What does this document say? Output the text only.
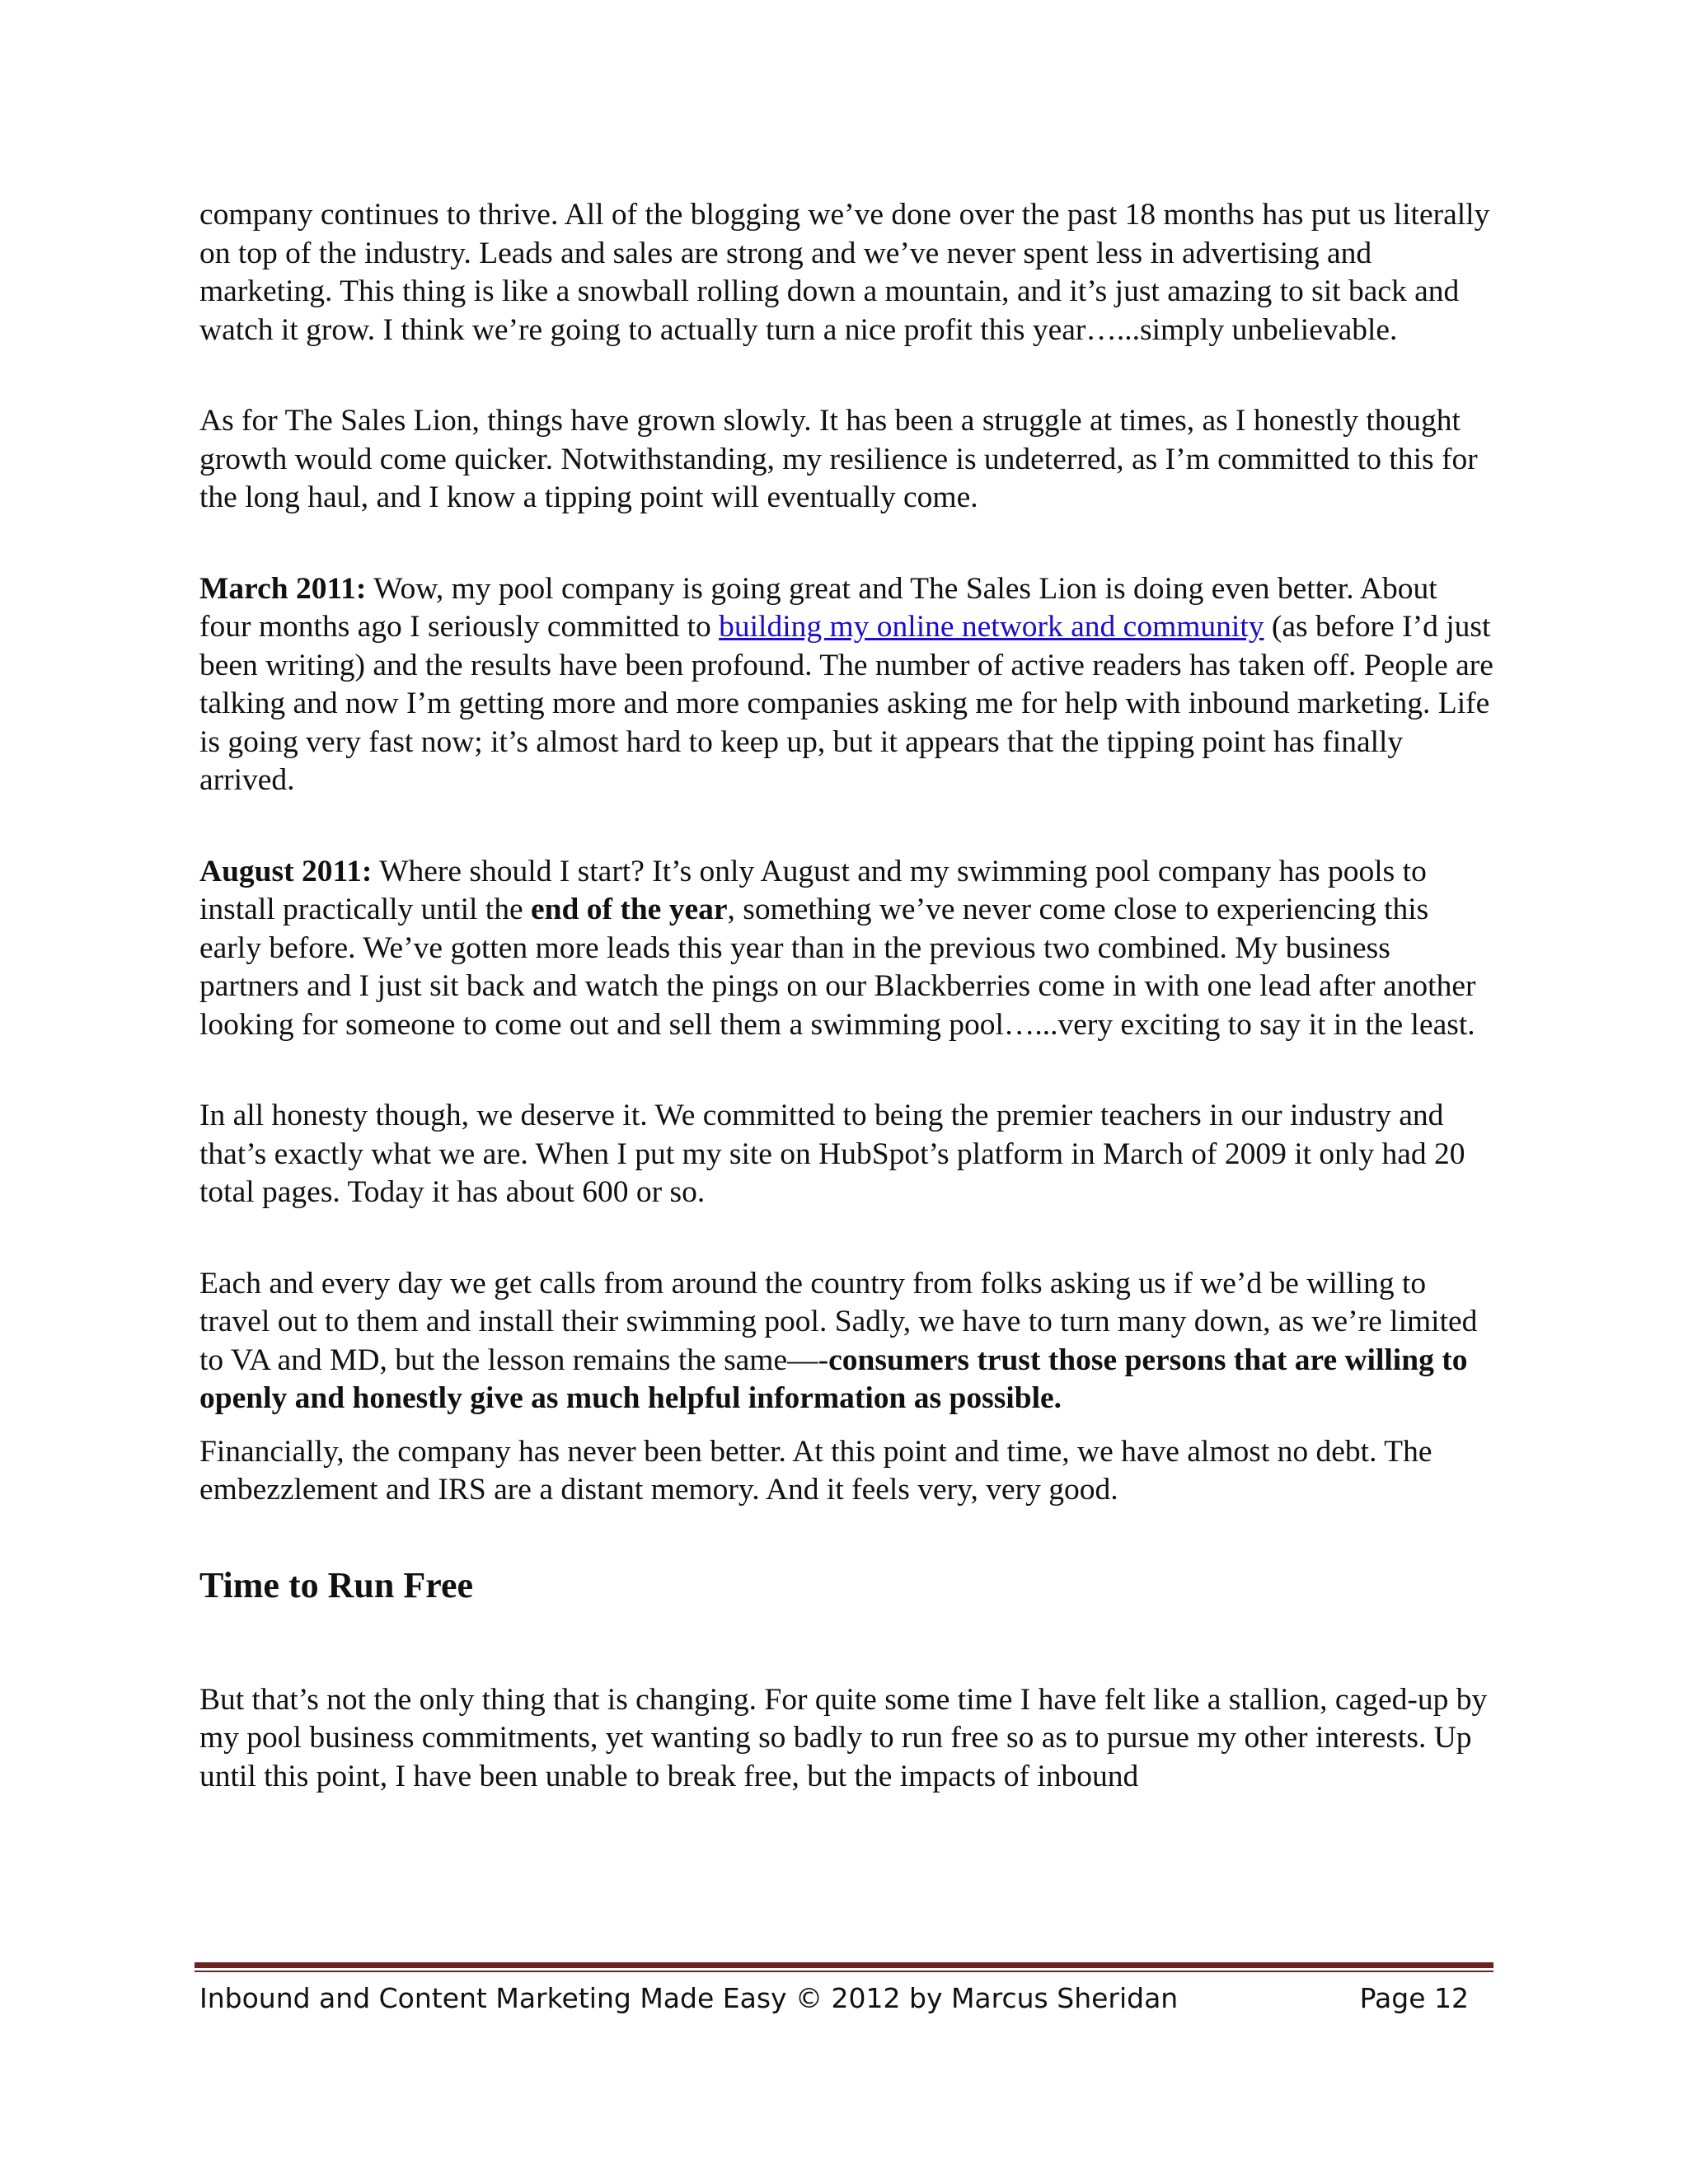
company continues to thrive. All of the blogging we’ve done over the past 18 months has put us literally on top of the industry. Leads and sales are strong and we’ve never spent less in advertising and marketing. This thing is like a snowball rolling down a mountain, and it’s just amazing to sit back and watch it grow. I think we’re going to actually turn a nice profit this year…...simply unbelievable.

As for The Sales Lion, things have grown slowly. It has been a struggle at times, as I honestly thought growth would come quicker. Notwithstanding, my resilience is undeterred, as I’m committed to this for the long haul, and I know a tipping point will eventually come.

March 2011: Wow, my pool company is going great and The Sales Lion is doing even better. About four months ago I seriously committed to building my online network and community (as before I’d just been writing) and the results have been profound. The number of active readers has taken off. People are talking and now I’m getting more and more companies asking me for help with inbound marketing. Life is going very fast now; it’s almost hard to keep up, but it appears that the tipping point has finally arrived.

August 2011: Where should I start? It’s only August and my swimming pool company has pools to install practically until the end of the year, something we’ve never come close to experiencing this early before. We’ve gotten more leads this year than in the previous two combined. My business partners and I just sit back and watch the pings on our Blackberries come in with one lead after another looking for someone to come out and sell them a swimming pool…...very exciting to say it in the least.

In all honesty though, we deserve it. We committed to being the premier teachers in our industry and that’s exactly what we are. When I put my site on HubSpot’s platform in March of 2009 it only had 20 total pages. Today it has about 600 or so.

Each and every day we get calls from around the country from folks asking us if we’d be willing to travel out to them and install their swimming pool. Sadly, we have to turn many down, as we’re limited to VA and MD, but the lesson remains the same—-consumers trust those persons that are willing to openly and honestly give as much helpful information as possible.

Financially, the company has never been better. At this point and time, we have almost no debt. The embezzlement and IRS are a distant memory. And it feels very, very good.

Time to Run Free

But that’s not the only thing that is changing. For quite some time I have felt like a stallion, caged-up by my pool business commitments, yet wanting so badly to run free so as to pursue my other interests. Up until this point, I have been unable to break free, but the impacts of inbound

Inbound and Content Marketing Made Easy © 2012 by Marcus Sheridan	Page 12
